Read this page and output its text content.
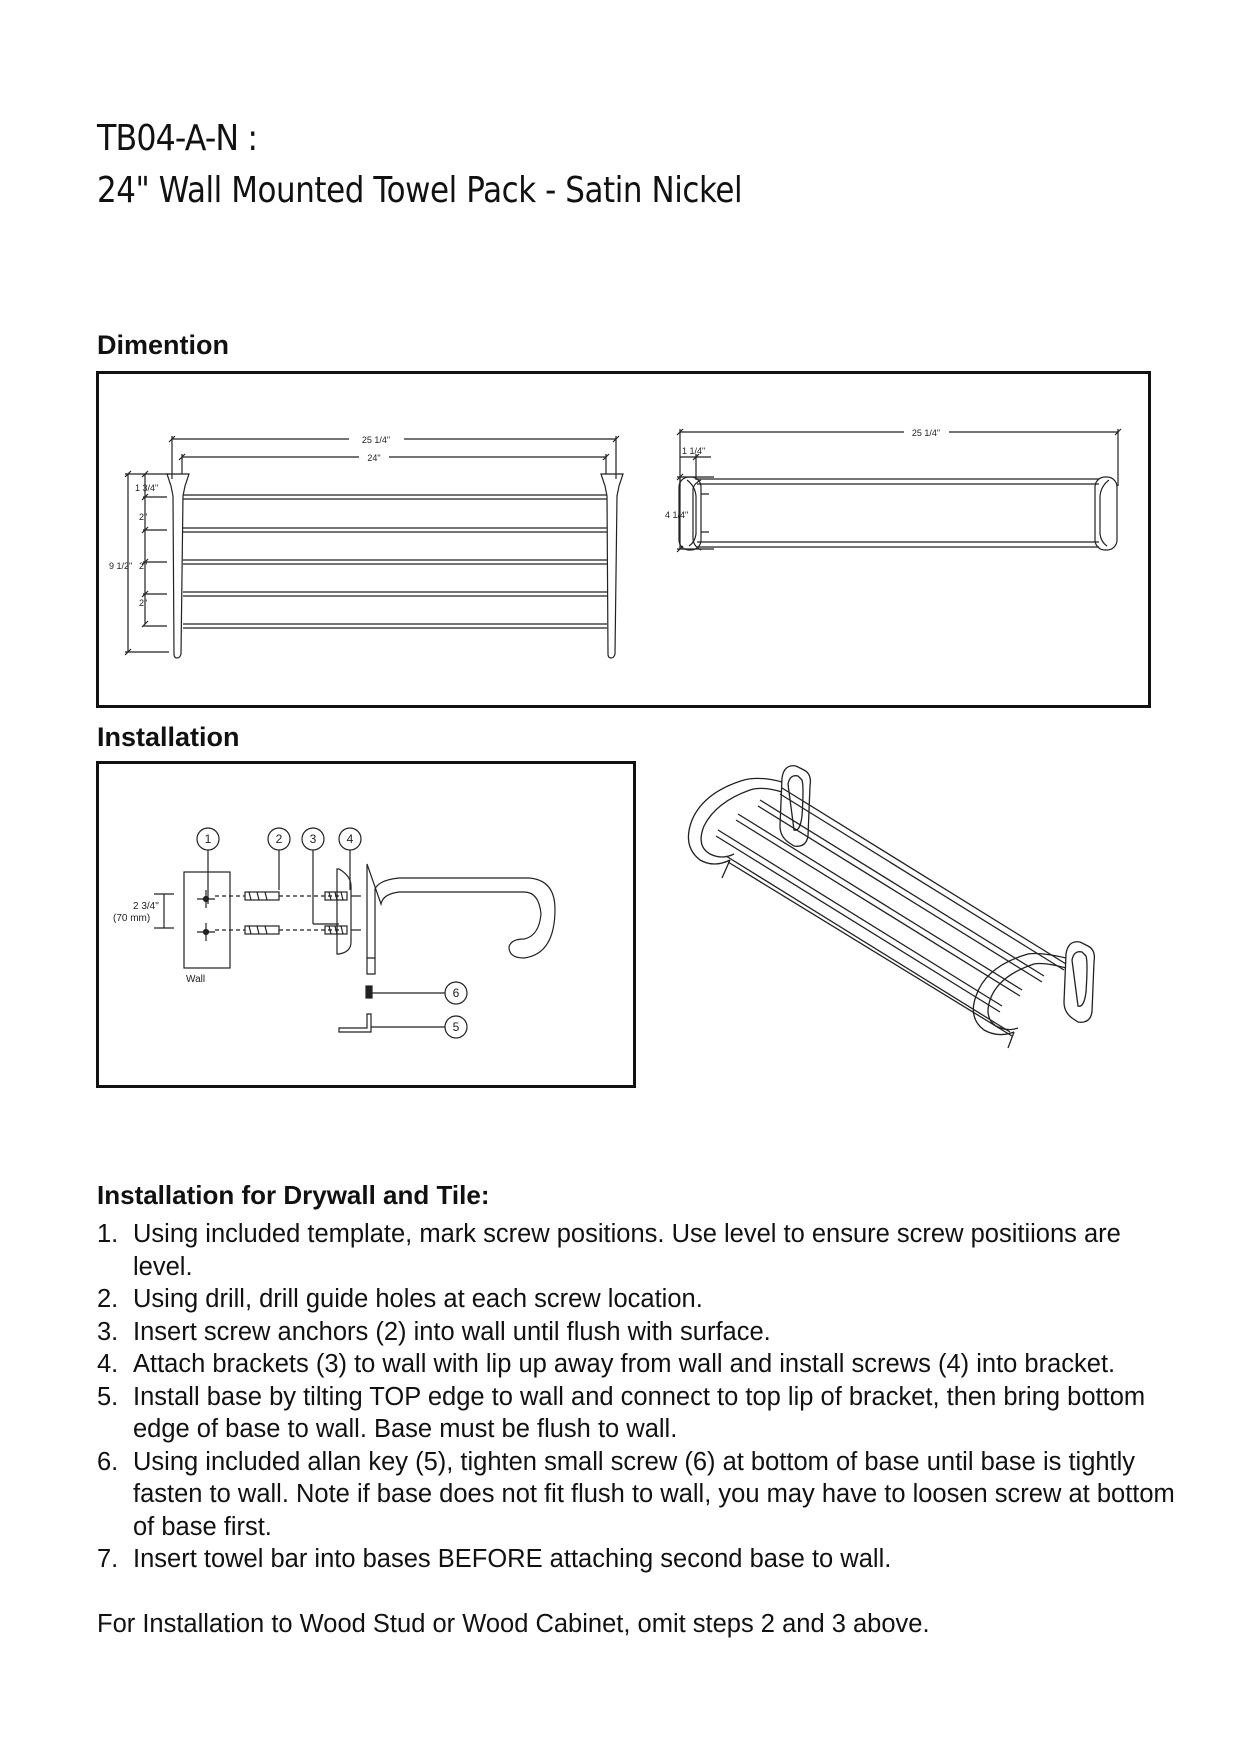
TB04-A-N :
24" Wall Mounted Towel Pack - Satin Nickel
Dimention
25 1/4"
24"
9 1/2"
1 3/4"
2"
2"
2"
25 1/4"
1 1/4"
4 1/4"
Installation
1	2 3	4
6
5
Wall
2 3/4"
(70 mm)
Installation for Drywall and Tile:
1. Using included template, mark screw positions. Use level to ensure screw positiions are level.
2. Using drill, drill guide holes at each screw location.
3. Insert screw anchors (2) into wall until flush with surface.
4. Attach brackets (3) to wall with lip up away from wall and install screws (4) into bracket.
5. Install base by tilting TOP edge to wall and connect to top lip of bracket, then bring bottom edge of base to wall. Base must be flush to wall.
6. Using included allan key (5), tighten small screw (6) at bottom of base until base is tightly fasten to wall. Note if base does not fit flush to wall, you may have to loosen screw at bottom of base first.
7. Insert towel bar into bases BEFORE attaching second base to wall.
For Installation to Wood Stud or Wood Cabinet, omit steps 2 and 3 above.
